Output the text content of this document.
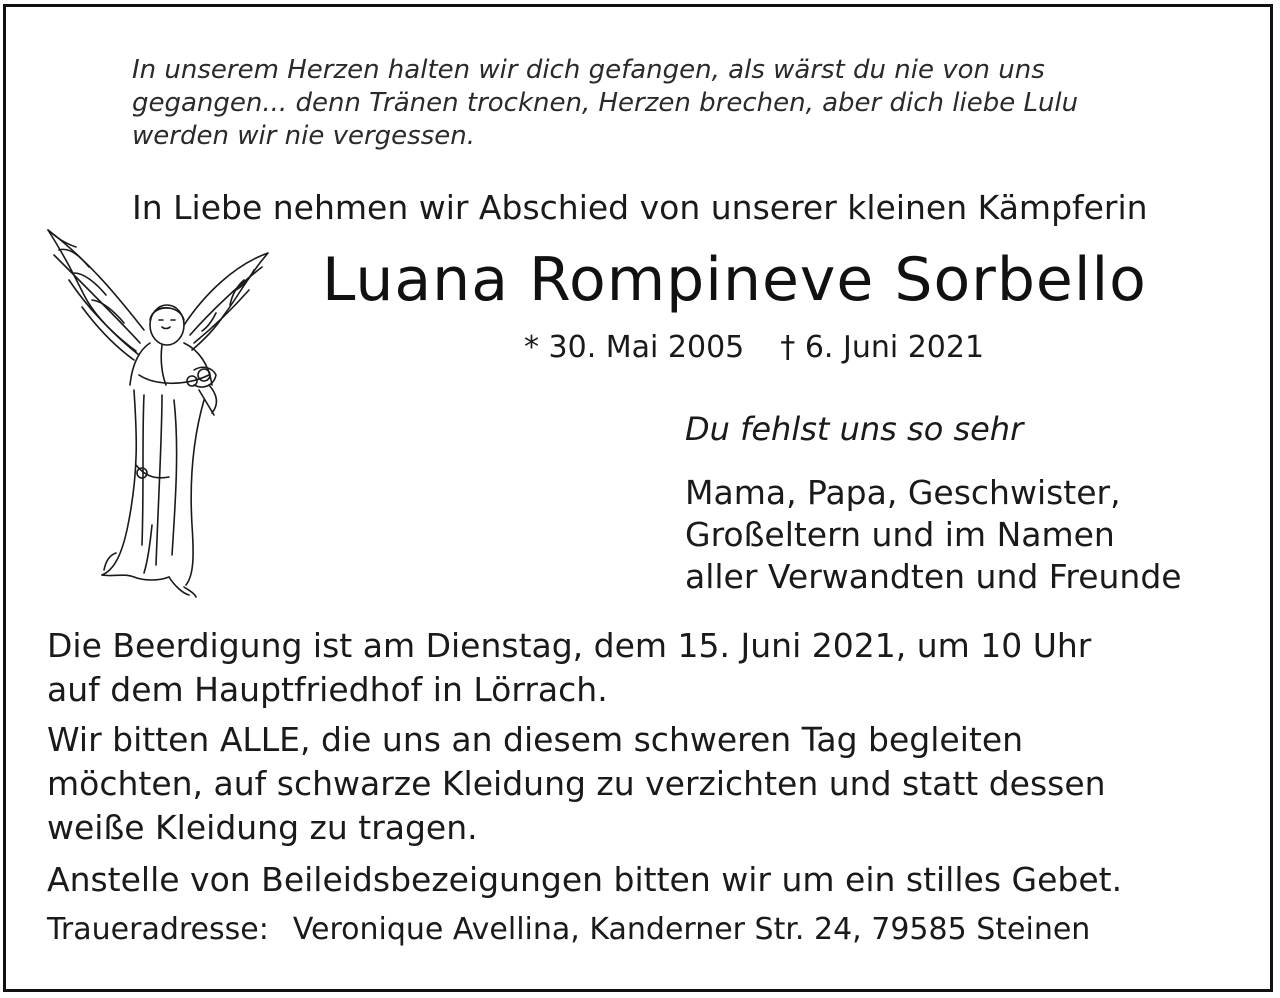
In unserem Herzen halten wir dich gefangen, als wärst du nie von uns
gegangen... denn Tränen trocknen, Herzen brechen, aber dich liebe Lulu
werden wir nie vergessen.
In Liebe nehmen wir Abschied von unserer kleinen Kämpferin
Luana Rompineve Sorbello
* 30. Mai 2005 † 6. Juni 2021
Du fehlst uns so sehr
Mama, Papa, Geschwister,
Großeltern und im Namen
aller Verwandten und Freunde
Die Beerdigung ist am Dienstag, dem 15. Juni 2021, um 10 Uhr
auf dem Hauptfriedhof in Lörrach.
Wir bitten ALLE, die uns an diesem schweren Tag begleiten
möchten, auf schwarze Kleidung zu verzichten und statt dessen
weiße Kleidung zu tragen.
Anstelle von Beileidsbezeigungen bitten wir um ein stilles Gebet.
Traueradresse: Veronique Avellina, Kanderner Str. 24, 79585 Steinen
